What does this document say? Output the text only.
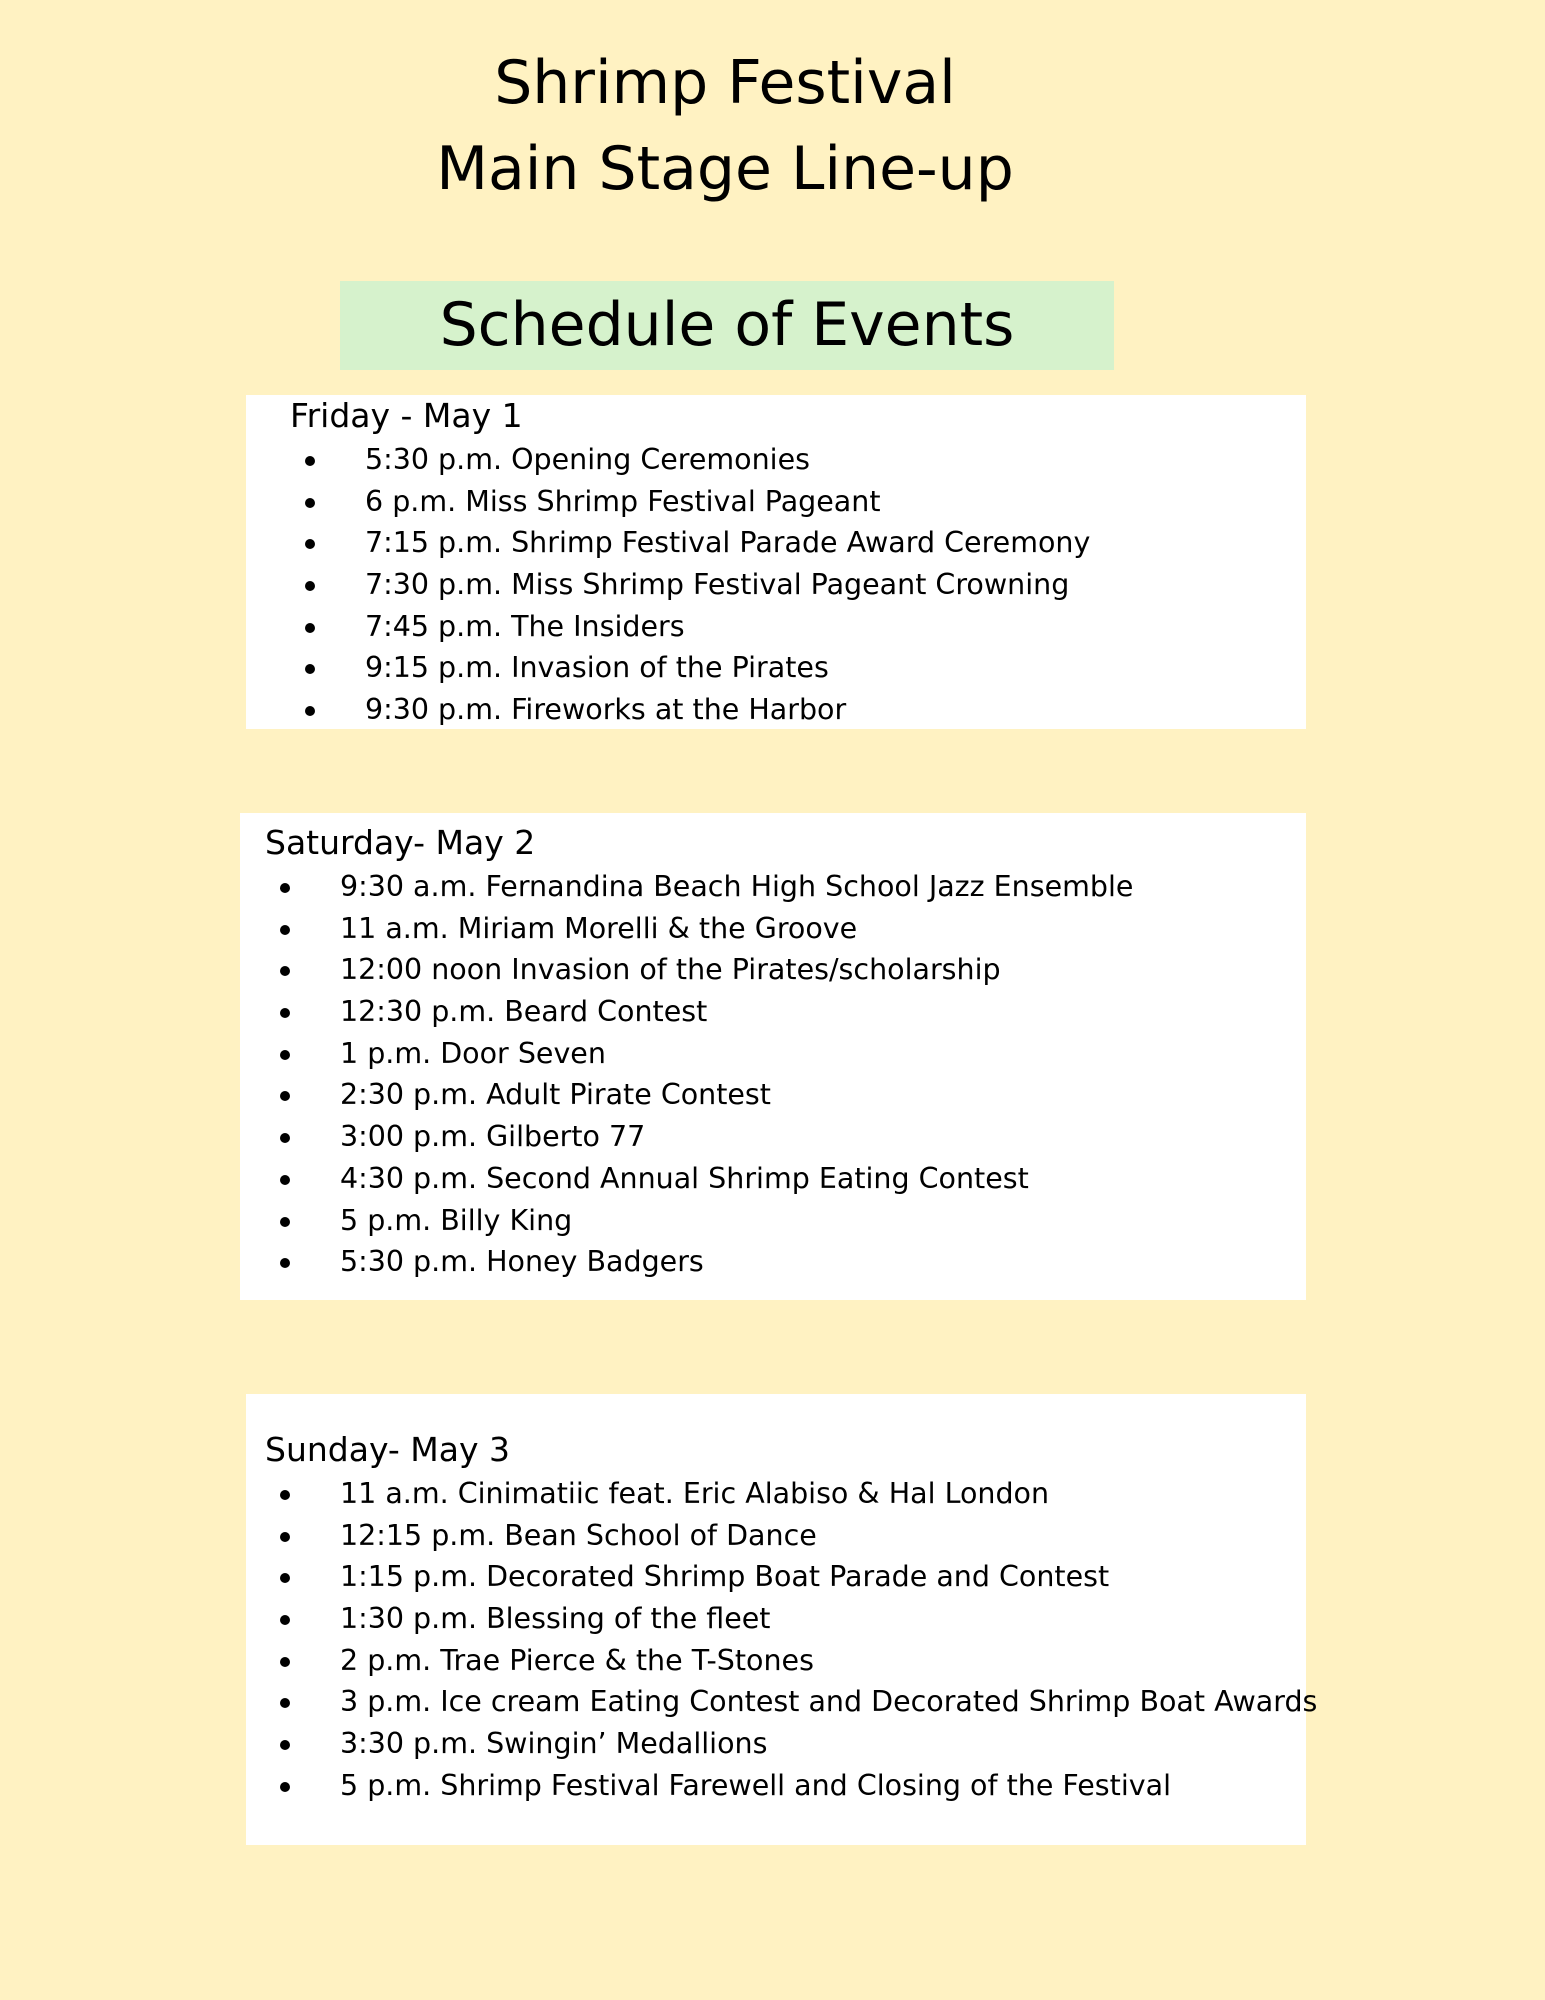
Shrimp Festival
Main Stage Line-up
Schedule of Events
Friday - May 1
5:30 p.m. Opening Ceremonies
6 p.m. Miss Shrimp Festival Pageant
7:15 p.m. Shrimp Festival Parade Award Ceremony
7:30 p.m. Miss Shrimp Festival Pageant Crowning
7:45 p.m. The Insiders
9:15 p.m. Invasion of the Pirates
9:30 p.m. Fireworks at the Harbor
Saturday- May 2
9:30 a.m. Fernandina Beach High School Jazz Ensemble
11 a.m. Miriam Morelli & the Groove
12:00 noon Invasion of the Pirates/scholarship
12:30 p.m. Beard Contest
1 p.m. Door Seven
2:30 p.m. Adult Pirate Contest
3:00 p.m. Gilberto 77
4:30 p.m. Second Annual Shrimp Eating Contest
5 p.m. Billy King
5:30 p.m. Honey Badgers
Sunday- May 3
11 a.m. Cinimatiic feat. Eric Alabiso & Hal London
12:15 p.m. Bean School of Dance
1:15 p.m. Decorated Shrimp Boat Parade and Contest
1:30 p.m. Blessing of the fleet
2 p.m. Trae Pierce & the T-Stones
3 p.m. Ice cream Eating Contest and Decorated Shrimp Boat Awards
3:30 p.m. Swingin’ Medallions
5 p.m. Shrimp Festival Farewell and Closing of the Festival
